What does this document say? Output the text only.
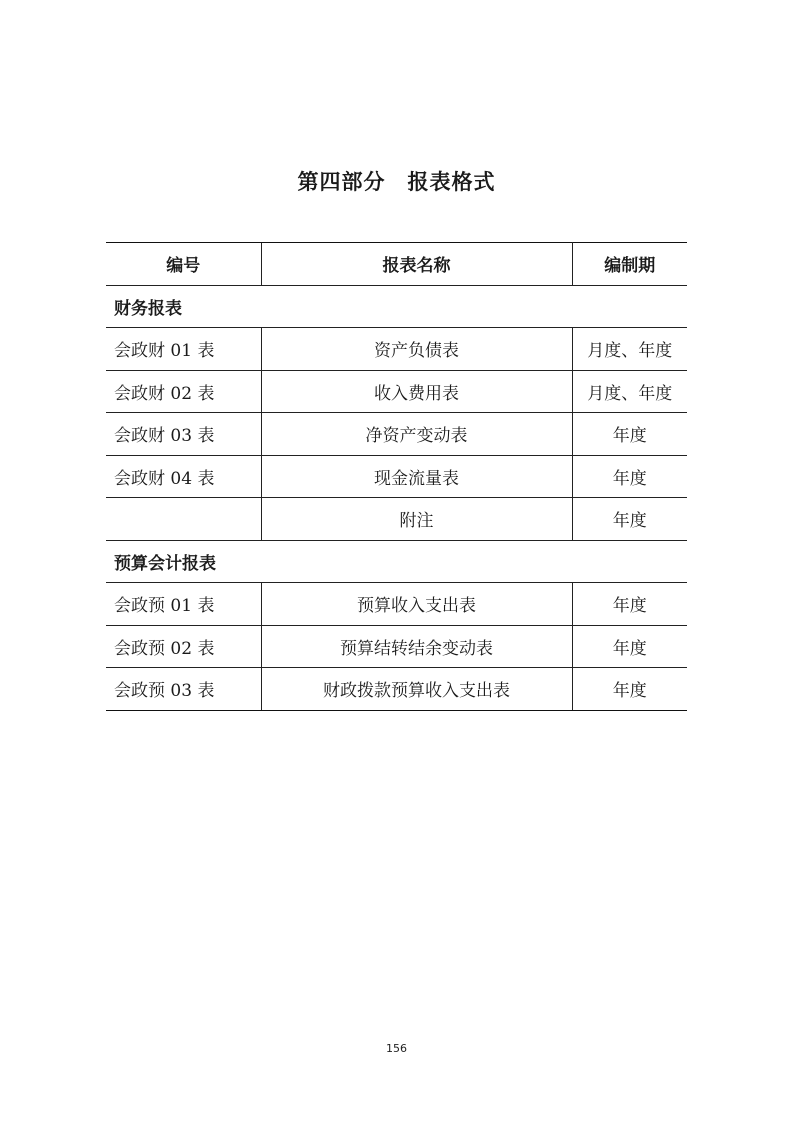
第四部分　报表格式
编号	报表名称	编制期
财务报表		
会政财 01 表	资产负债表	月度、年度
会政财 02 表	收入费用表	月度、年度
会政财 03 表	净资产变动表	年度
会政财 04 表	现金流量表	年度
	附注	年度
预算会计报表		
会政预 01 表	预算收入支出表	年度
会政预 02 表	预算结转结余变动表	年度
会政预 03 表	财政拨款预算收入支出表	年度
156
